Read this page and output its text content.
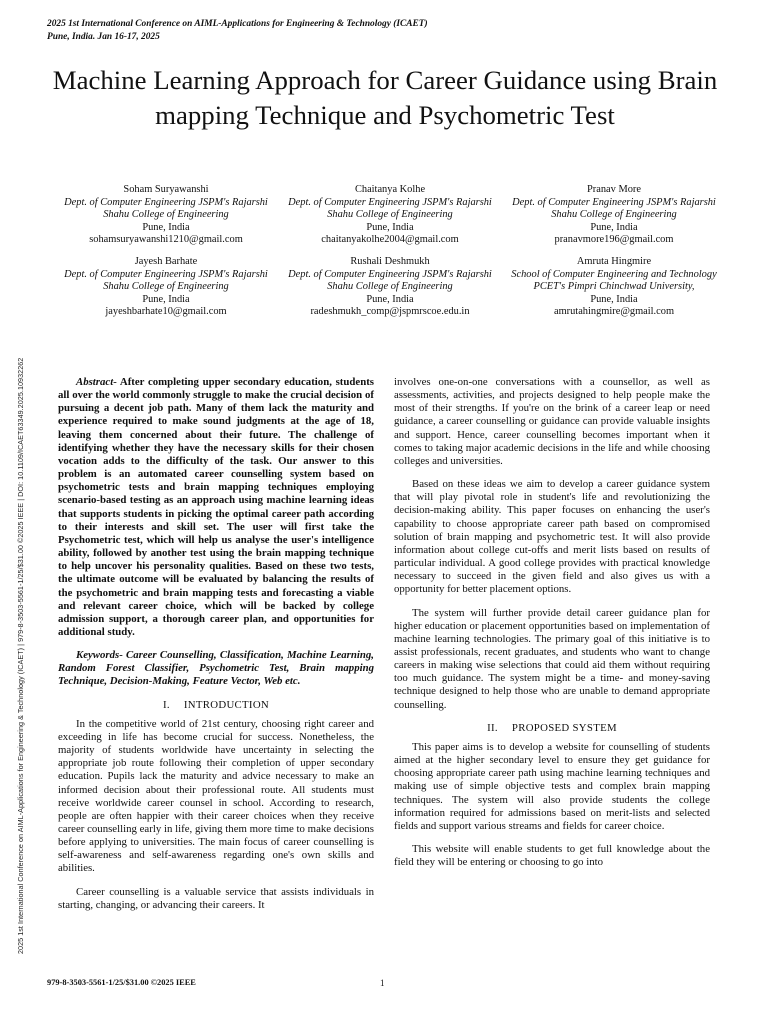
2025 1st International Conference on AIML-Applications for Engineering & Technology (ICAET)
Pune, India. Jan 16-17, 2025
2025 1st International Conference on AIML-Applications for Engineering & Technology (ICAET) | 979-8-3503-5561-1/25/$31.00 ©2025 IEEE | DOI: 10.1109/ICAET63349.2025.10932262
Machine Learning Approach for Career Guidance using Brain mapping Technique and Psychometric Test
Soham Suryawanshi
Dept. of Computer Engineering JSPM's Rajarshi Shahu College of Engineering
Pune, India
sohamsuryawanshi1210@gmail.com
Chaitanya Kolhe
Dept. of Computer Engineering JSPM's Rajarshi Shahu College of Engineering
Pune, India
chaitanyakolhe2004@gmail.com
Pranav More
Dept. of Computer Engineering JSPM's Rajarshi Shahu College of Engineering
Pune, India
pranavmore196@gmail.com
Jayesh Barhate
Dept. of Computer Engineering JSPM's Rajarshi Shahu College of Engineering
Pune, India
jayeshbarhate10@gmail.com
Rushali Deshmukh
Dept. of Computer Engineering JSPM's Rajarshi Shahu College of Engineering
Pune, India
radeshmukh_comp@jspmrscoe.edu.in
Amruta Hingmire
School of Computer Engineering and Technology PCET's Pimpri Chinchwad University,
Pune, India
amrutahingmire@gmail.com

Abstract- After completing upper secondary education, students all over the world commonly struggle to make the crucial decision of pursuing a decent job path. Many of them lack the maturity and experience required to make sound judgments at the age of 18, leaving them concerned about their future. The challenge of identifying whether they have the necessary skills for their chosen vocation adds to the difficulty of the task. Our answer to this problem is an automated career counselling system based on psychometric tests and brain mapping techniques employing scenario-based testing as an approach using machine learning ideas that supports students in picking the optimal career path according to their interests and skill set. The user will first take the Psychometric test, which will help us analyse the user's intelligence ability, followed by another test using the brain mapping technique to help uncover his personality qualities. Based on these two tests, the ultimate outcome will be evaluated by balancing the results of the psychometric and brain mapping tests and forecasting a viable and relevant career choice, which will be backed by college admission support, a thorough career plan, and opportunities for additional study.

Keywords- Career Counselling, Classification, Machine Learning, Random Forest Classifier, Psychometric Test, Brain mapping Technique, Decision-Making, Feature Vector, Web etc.

I. INTRODUCTION

In the competitive world of 21st century, choosing right career and exceeding in life has become crucial for success. Nonetheless, the majority of students worldwide have uncertainty in selecting the appropriate job route following their completion of upper secondary education. Pupils lack the maturity and advice necessary to make an informed decision about their professional route. All students must receive worldwide career counsel in school. According to research, people are often happier with their career choices when they receive career counselling early in life, giving them more time to make decisions before applying to universities. The main focus of career counselling is self-awareness and self-awareness regarding one's own skills and abilities.

Career counselling is a valuable service that assists individuals in starting, changing, or advancing their careers. It

involves one-on-one conversations with a counsellor, as well as assessments, activities, and projects designed to help people make the most of their strengths. If you're on the brink of a career leap or need guidance, a career counselling or guidance can provide valuable insights and support. Hence, career counselling becomes important when it comes to taking major academic decisions in the life and while choosing colleges and universities.

Based on these ideas we aim to develop a career guidance system that will play pivotal role in student's life and revolutionizing the decision-making ability. This paper focuses on enhancing the user's capability to choose appropriate career path based on compromised solution of brain mapping and psychometric test. It will also provide information about college cut-offs and merit lists based on results of particular individual. A good college provides with practical knowledge necessary to succeed in the given field and also gives us with a opportunity for better placement options.

The system will further provide detail career guidance plan for higher education or placement opportunities based on implementation of machine learning technologies. The primary goal of this initiative is to assist professionals, recent graduates, and students who want to change careers in making wise selections that could aid them without requiring too much guidance. The system might be a time- and money-saving technique designed to help those who are unable to demand appropriate counselling.

II. PROPOSED SYSTEM

This paper aims is to develop a website for counselling of students aimed at the higher secondary level to ensure they get guidance for choosing appropriate career path using machine learning techniques and making use of simple objective tests and complex brain mapping techniques. The system will also provide students the college information required for admissions based on merit-lists and selected fields and support various streams and fields for career choice.

This website will enable students to get full knowledge about the field they will be entering or choosing to go into

979-8-3503-5561-1/25/$31.00 ©2025 IEEE	1
